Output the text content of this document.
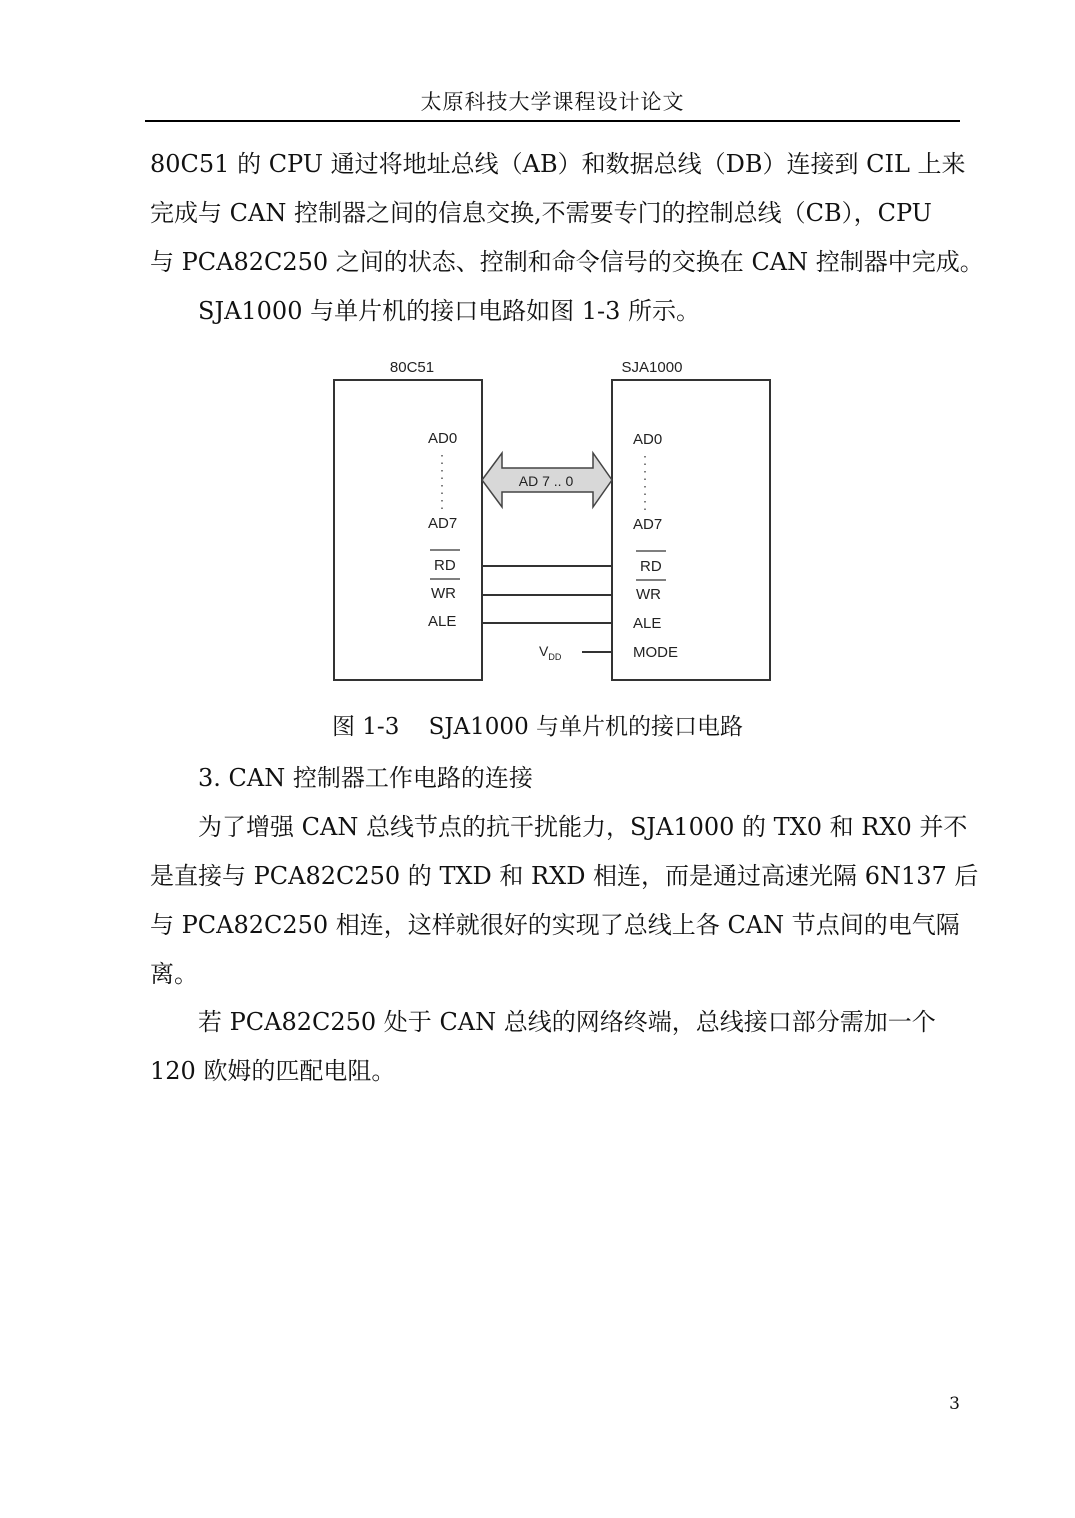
太原科技大学课程设计论文
80C51 的 CPU 通过将地址总线（AB）和数据总线（DB）连接到 CIL 上来
完成与 CAN 控制器之间的信息交换,不需要专门的控制总线（CB），CPU
与 PCA82C250 之间的状态、控制和命令信号的交换在 CAN 控制器中完成。
SJA1000 与单片机的接口电路如图 1-3 所示。
80C51	SJA1000
AD0
AD7
RD
WR
ALE
AD0
AD7
RD
WR
ALE
MODE
AD 7 .. 0
$V_{DD}$
图 1-3    SJA1000 与单片机的接口电路
3. CAN 控制器工作电路的连接
为了增强 CAN 总线节点的抗干扰能力，SJA1000 的 TX0 和 RX0 并不
是直接与 PCA82C250 的 TXD 和 RXD 相连，而是通过高速光隔 6N137 后
与 PCA82C250 相连，这样就很好的实现了总线上各 CAN 节点间的电气隔
离。
若 PCA82C250 处于 CAN 总线的网络终端，总线接口部分需加一个
120 欧姆的匹配电阻。
3
